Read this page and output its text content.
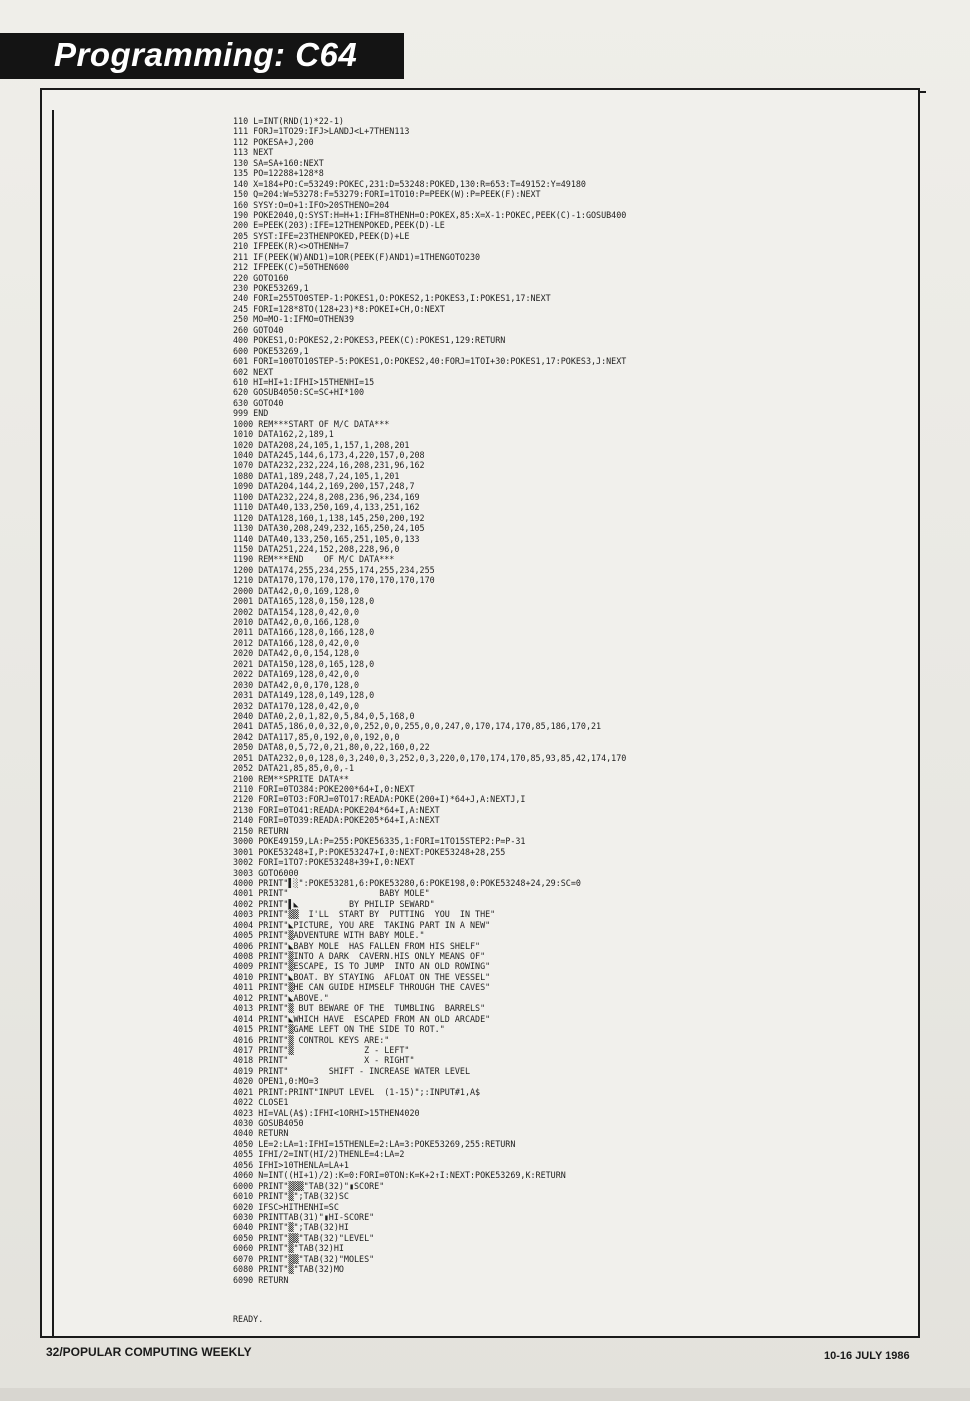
Programming: C64
110 L=INT(RND(1)*22-1)
111 FORJ=1TO29:IFJ>LANDJ<L+7THEN113
112 POKESA+J,200
113 NEXT
130 SA=SA+160:NEXT
135 PO=12288+128*8
140 X=184+PO:C=53249:POKEC,231:D=53248:POKED,130:R=653:T=49152:Y=49180
150 Q=204:W=53278:F=53279:FORI=1TO10:P=PEEK(W):P=PEEK(F):NEXT
160 SYSY:O=O+1:IFO>20STHENO=204
190 POKE2040,Q:SYST:H=H+1:IFH=8THENH=O:POKEX,85:X=X-1:POKEC,PEEK(C)-1:GOSUB400
200 E=PEEK(203):IFE=12THENPOKED,PEEK(D)-LE
205 SYST:IFE=23THENPOKED,PEEK(D)+LE
210 IFPEEK(R)<>OTHENH=7
211 IF(PEEK(W)AND1)=1OR(PEEK(F)AND1)=1THENGOTO230
212 IFPEEK(C)=50THEN600
220 GOTO160
230 POKE53269,1
240 FORI=255TO0STEP-1:POKES1,O:POKES2,1:POKES3,I:POKES1,17:NEXT
245 FORI=128*8TO(128+23)*8:POKEI+CH,O:NEXT
250 MO=MO-1:IFMO=OTHEN39
260 GOTO40
400 POKES1,O:POKES2,2:POKES3,PEEK(C):POKES1,129:RETURN
600 POKE53269,1
601 FORI=100TO10STEP-5:POKES1,O:POKES2,40:FORJ=1TOI+30:POKES1,17:POKES3,J:NEXT
602 NEXT
610 HI=HI+1:IFHI>15THENHI=15
620 GOSUB4050:SC=SC+HI*100
630 GOTO40
999 END
1000 REM***START OF M/C DATA***
1010 DATA162,2,189,1
1020 DATA208,24,105,1,157,1,208,201
1040 DATA245,144,6,173,4,220,157,0,208
1070 DATA232,232,224,16,208,231,96,162
1080 DATA1,189,248,7,24,105,1,201
1090 DATA204,144,2,169,200,157,248,7
1100 DATA232,224,8,208,236,96,234,169
1110 DATA40,133,250,169,4,133,251,162
1120 DATA128,160,1,138,145,250,200,192
1130 DATA30,208,249,232,165,250,24,105
1140 DATA40,133,250,165,251,105,0,133
1150 DATA251,224,152,208,228,96,0
1190 REM***END    OF M/C DATA***
1200 DATA174,255,234,255,174,255,234,255
1210 DATA170,170,170,170,170,170,170,170
2000 DATA42,0,0,169,128,0
2001 DATA165,128,0,150,128,0
2002 DATA154,128,0,42,0,0
2010 DATA42,0,0,166,128,0
2011 DATA166,128,0,166,128,0
2012 DATA166,128,0,42,0,0
2020 DATA42,0,0,154,128,0
2021 DATA150,128,0,165,128,0
2022 DATA169,128,0,42,0,0
2030 DATA42,0,0,170,128,0
2031 DATA149,128,0,149,128,0
2032 DATA170,128,0,42,0,0
2040 DATA0,2,0,1,82,0,5,84,0,5,168,0
2041 DATA5,186,0,0,32,0,0,252,0,0,255,0,0,247,0,170,174,170,85,186,170,21
2042 DATA117,85,0,192,0,0,192,0,0
2050 DATA8,0,5,72,0,21,80,0,22,160,0,22
2051 DATA232,0,0,128,0,3,240,0,3,252,0,3,220,0,170,174,170,85,93,85,42,174,170
2052 DATA21,85,85,0,0,-1
2100 REM**SPRITE DATA**
2110 FORI=0TO384:POKE200*64+I,0:NEXT
2120 FORI=0TO3:FORJ=0TO17:READA:POKE(200+I)*64+J,A:NEXTJ,I
2130 FORI=0TO41:READA:POKE204*64+I,A:NEXT
2140 FORI=0TO39:READA:POKE205*64+I,A:NEXT
2150 RETURN
3000 POKE49159,LA:P=255:POKE56335,1:FORI=1TO15STEP2:P=P-31
3001 POKE53248+I,P:POKE53247+I,0:NEXT:POKE53248+28,255
3002 FORI=1TO7:POKE53248+39+I,0:NEXT
3003 GOTO6000
4000 PRINT"▌░":POKE53281,6:POKE53280,6:POKE198,0:POKE53248+24,29:SC=0
4001 PRINT"                  BABY MOLE"
4002 PRINT"▌◣          BY PHILIP SEWARD"
4003 PRINT"▒▒  I'LL  START BY  PUTTING  YOU  IN THE"
4004 PRINT"◣PICTURE, YOU ARE  TAKING PART IN A NEW"
4005 PRINT"▒ADVENTURE WITH BABY MOLE."
4006 PRINT"◣BABY MOLE  HAS FALLEN FROM HIS SHELF"
4008 PRINT"▒INTO A DARK  CAVERN.HIS ONLY MEANS OF"
4009 PRINT"▒ESCAPE, IS TO JUMP  INTO AN OLD ROWING"
4010 PRINT"◣BOAT. BY STAYING  AFLOAT ON THE VESSEL"
4011 PRINT"▒HE CAN GUIDE HIMSELF THROUGH THE CAVES"
4012 PRINT"◣ABOVE."
4013 PRINT"▒ BUT BEWARE OF THE  TUMBLING  BARRELS"
4014 PRINT"◣WHICH HAVE  ESCAPED FROM AN OLD ARCADE"
4015 PRINT"▒GAME LEFT ON THE SIDE TO ROT."
4016 PRINT"▒ CONTROL KEYS ARE:"
4017 PRINT"▒              Z - LEFT"
4018 PRINT"               X - RIGHT"
4019 PRINT"        SHIFT - INCREASE WATER LEVEL
4020 OPEN1,0:MO=3
4021 PRINT:PRINT"INPUT LEVEL  (1-15)";:INPUT#1,A$
4022 CLOSE1
4023 HI=VAL(A$):IFHI<1ORHI>15THEN4020
4030 GOSUB4050
4040 RETURN
4050 LE=2:LA=1:IFHI=15THENLE=2:LA=3:POKE53269,255:RETURN
4055 IFHI/2=INT(HI/2)THENLE=4:LA=2
4056 IFHI>10THENLA=LA+1
4060 N=INT((HI+1)/2):K=0:FORI=0TON:K=K+2↑I:NEXT:POKE53269,K:RETURN
6000 PRINT"▒▒▒"TAB(32)"▮SCORE"
6010 PRINT"▒";TAB(32)SC
6020 IFSC>HITHENHI=SC
6030 PRINTTAB(31)"▮HI-SCORE"
6040 PRINT"▒";TAB(32)HI
6050 PRINT"▒▒"TAB(32)"LEVEL"
6060 PRINT"▒"TAB(32)HI
6070 PRINT"▒▒"TAB(32)"MOLES"
6080 PRINT"▒"TAB(32)MO
6090 RETURN
READY.
32/POPULAR COMPUTING WEEKLY	10-16 JULY 1986
